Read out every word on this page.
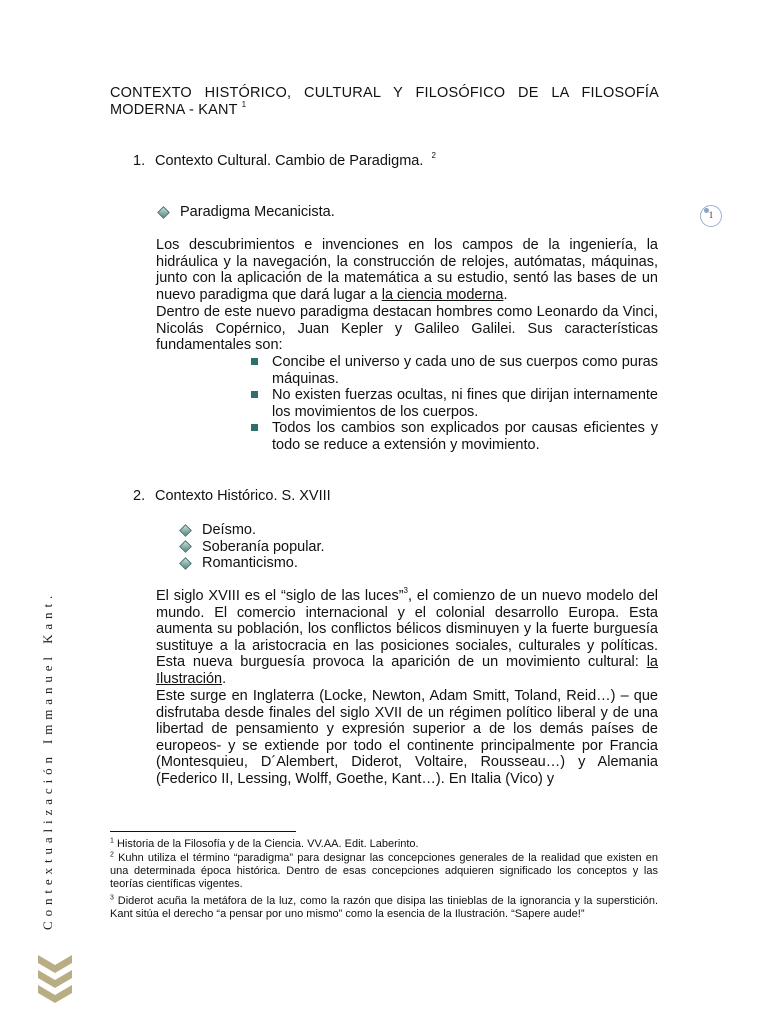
CONTEXTO HISTÓRICO, CULTURAL Y FILOSÓFICO DE LA FILOSOFÍA MODERNA - KANT $^1$
1
1. Contexto Cultural. Cambio de Paradigma. $^2$
Paradigma Mecanicista.
Los descubrimientos e invenciones en los campos de la ingeniería, la hidráulica y la navegación, la construcción de relojes, autómatas, máquinas, junto con la aplicación de la matemática a su estudio, sentó las bases de un nuevo paradigma que dará lugar a la ciencia moderna.
Dentro de este nuevo paradigma destacan hombres como Leonardo da Vinci, Nicolás Copérnico, Juan Kepler y Galileo Galilei. Sus características fundamentales son:
Concibe el universo y cada uno de sus cuerpos como puras máquinas.
No existen fuerzas ocultas, ni fines que dirijan internamente los movimientos de los cuerpos.
Todos los cambios son explicados por causas eficientes y todo se reduce a extensión y movimiento.
2. Contexto Histórico. S. XVIII
Deísmo.
Soberanía popular.
Romanticismo.
El siglo XVIII es el “siglo de las luces”$^3$, el comienzo de un nuevo modelo del mundo. El comercio internacional y el colonial desarrollo Europa. Esta aumenta su población, los conflictos bélicos disminuyen y la fuerte burguesía sustituye a la aristocracia en las posiciones sociales, culturales y políticas. Esta nueva burguesía provoca la aparición de un movimiento cultural: la Ilustración.
Este surge en Inglaterra (Locke, Newton, Adam Smitt, Toland, Reid…) – que disfrutaba desde finales del siglo XVII de un régimen político liberal y de una libertad de pensamiento y expresión superior a de los demás países de europeos- y se extiende por todo el continente principalmente por Francia (Montesquieu, D´Alembert, Diderot, Voltaire, Rousseau…) y Alemania (Federico II, Lessing, Wolff, Goethe, Kant…). En Italia (Vico) y
$^1$ Historia de la Filosofía y de la Ciencia. VV.AA. Edit. Laberinto.
$^2$ Kuhn utiliza el término “paradigma” para designar las concepciones generales de la realidad que existen en una determinada época histórica. Dentro de esas concepciones adquieren significado los conceptos y las teorías científicas vigentes.
$^3$ Diderot acuña la metáfora de la luz, como la razón que disipa las tinieblas de la ignorancia y la superstición. Kant sitúa el derecho “a pensar por uno mismo” como la esencia de la Ilustración. “Sapere aude!”
Contextualización Immanuel Kant.
